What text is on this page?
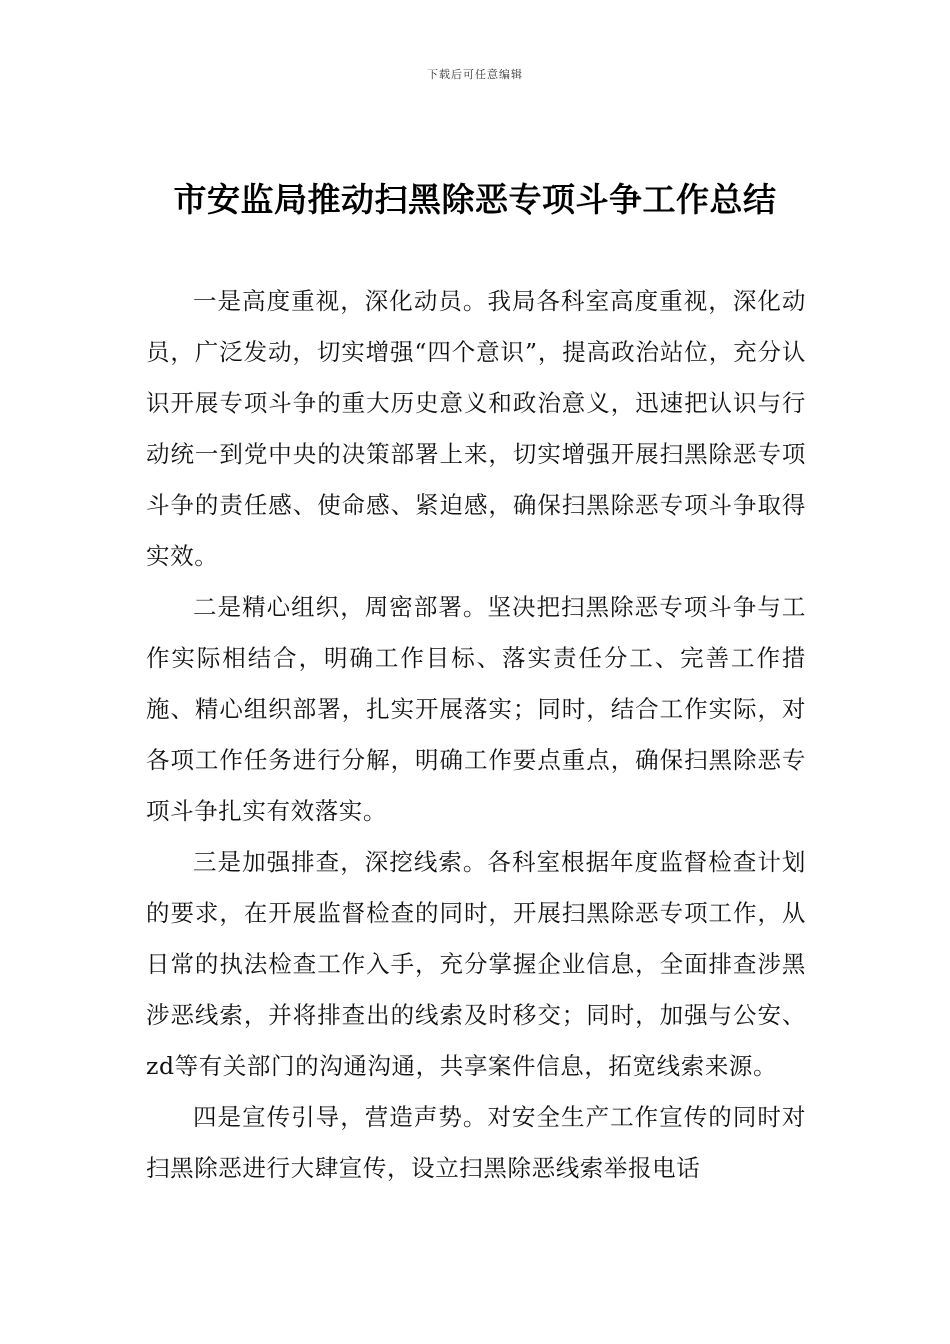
下载后可任意编辑
市安监局推动扫黑除恶专项斗争工作总结

一是高度重视，深化动员。我局各科室高度重视，深化动员，广泛发动，切实增强“四个意识”，提高政治站位，充分认识开展专项斗争的重大历史意义和政治意义，迅速把认识与行动统一到党中央的决策部署上来，切实增强开展扫黑除恶专项斗争的责任感、使命感、紧迫感，确保扫黑除恶专项斗争取得实效。

二是精心组织，周密部署。坚决把扫黑除恶专项斗争与工作实际相结合，明确工作目标、落实责任分工、完善工作措施、精心组织部署，扎实开展落实；同时，结合工作实际，对各项工作任务进行分解，明确工作要点重点，确保扫黑除恶专项斗争扎实有效落实。

三是加强排查，深挖线索。各科室根据年度监督检查计划的要求，在开展监督检查的同时，开展扫黑除恶专项工作，从日常的执法检查工作入手，充分掌握企业信息，全面排查涉黑涉恶线索，并将排查出的线索及时移交；同时，加强与公安、zd等有关部门的沟通沟通，共享案件信息，拓宽线索来源。

四是宣传引导，营造声势。对安全生产工作宣传的同时对扫黑除恶进行大肆宣传，设立扫黑除恶线索举报电话
